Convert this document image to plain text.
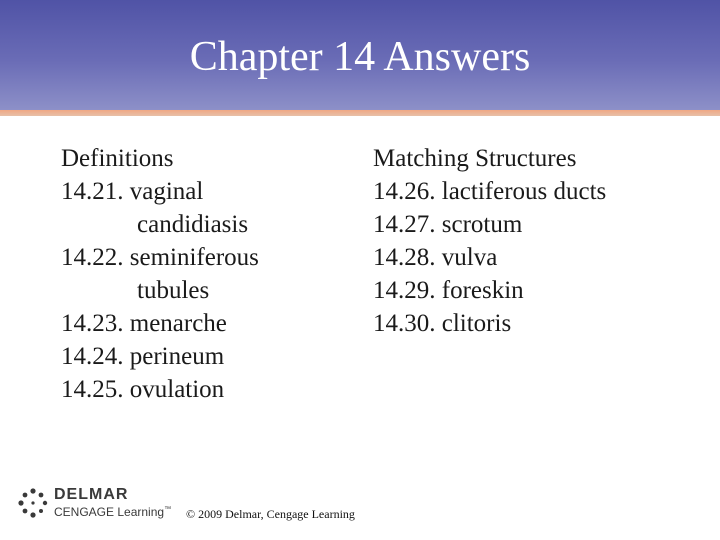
Chapter 14 Answers
Definitions
14.21. vaginal
candidiasis
14.22. seminiferous
tubules
14.23. menarche
14.24. perineum
14.25. ovulation
Matching Structures
14.26. lactiferous ducts
14.27. scrotum
14.28. vulva
14.29. foreskin
14.30. clitoris
DELMAR
CENGAGE Learning™ © 2009 Delmar, Cengage Learning
